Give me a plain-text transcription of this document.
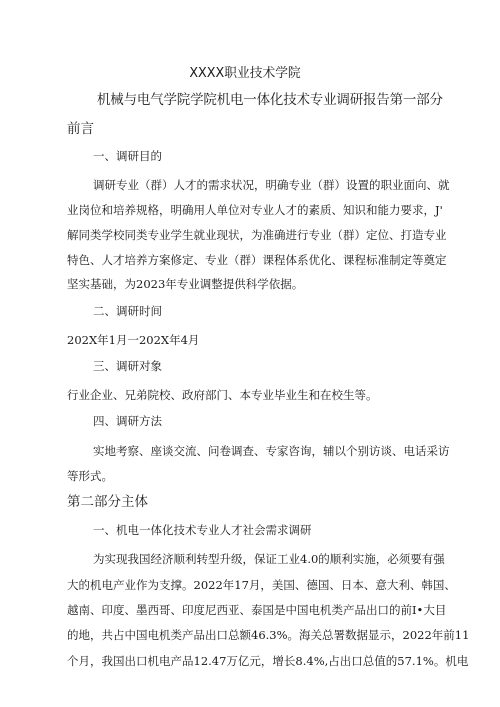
XXXX职业技术学院
机械与电气学院学院机电一体化技术专业调研报告第一部分
前言
一、调研目的
调研专业（群）人才的需求状况，明确专业（群）设置的职业面向、就
业岗位和培养规格，明确用人单位对专业人才的素质、知识和能力要求，J'
解同类学校同类专业学生就业现状，为准确进行专业（群）定位、打造专业
特色、人才培养方案修定、专业（群）课程体系优化、课程标准制定等奠定
坚实基础，为2023年专业调整提供科学依据。
二、调研时间
202X年1月一202X年4月
三、调研对象
行业企业、兄弟院校、政府部门、本专业毕业生和在校生等。
四、调研方法
实地考察、座谈交流、问卷调查、专家咨询，辅以个别访谈、电话采访
等形式。
第二部分主体
一、机电一体化技术专业人才社会需求调研
为实现我国经济顺利转型升级，保证工业4.0的顺利实施，必须要有强
大的机电产业作为支撑。2022年17月，美国、德国、日本、意大利、韩国、
越南、印度、墨西哥、印度尼西亚、泰国是中国电机类产品出口的前I•大目
的地，共占中国电机类产品出口总额46.3%。海关总署数据显示，2022年前11
个月，我国出口机电产品12.47万亿元，增长8.4%,占出口总值的57.1%。机电
